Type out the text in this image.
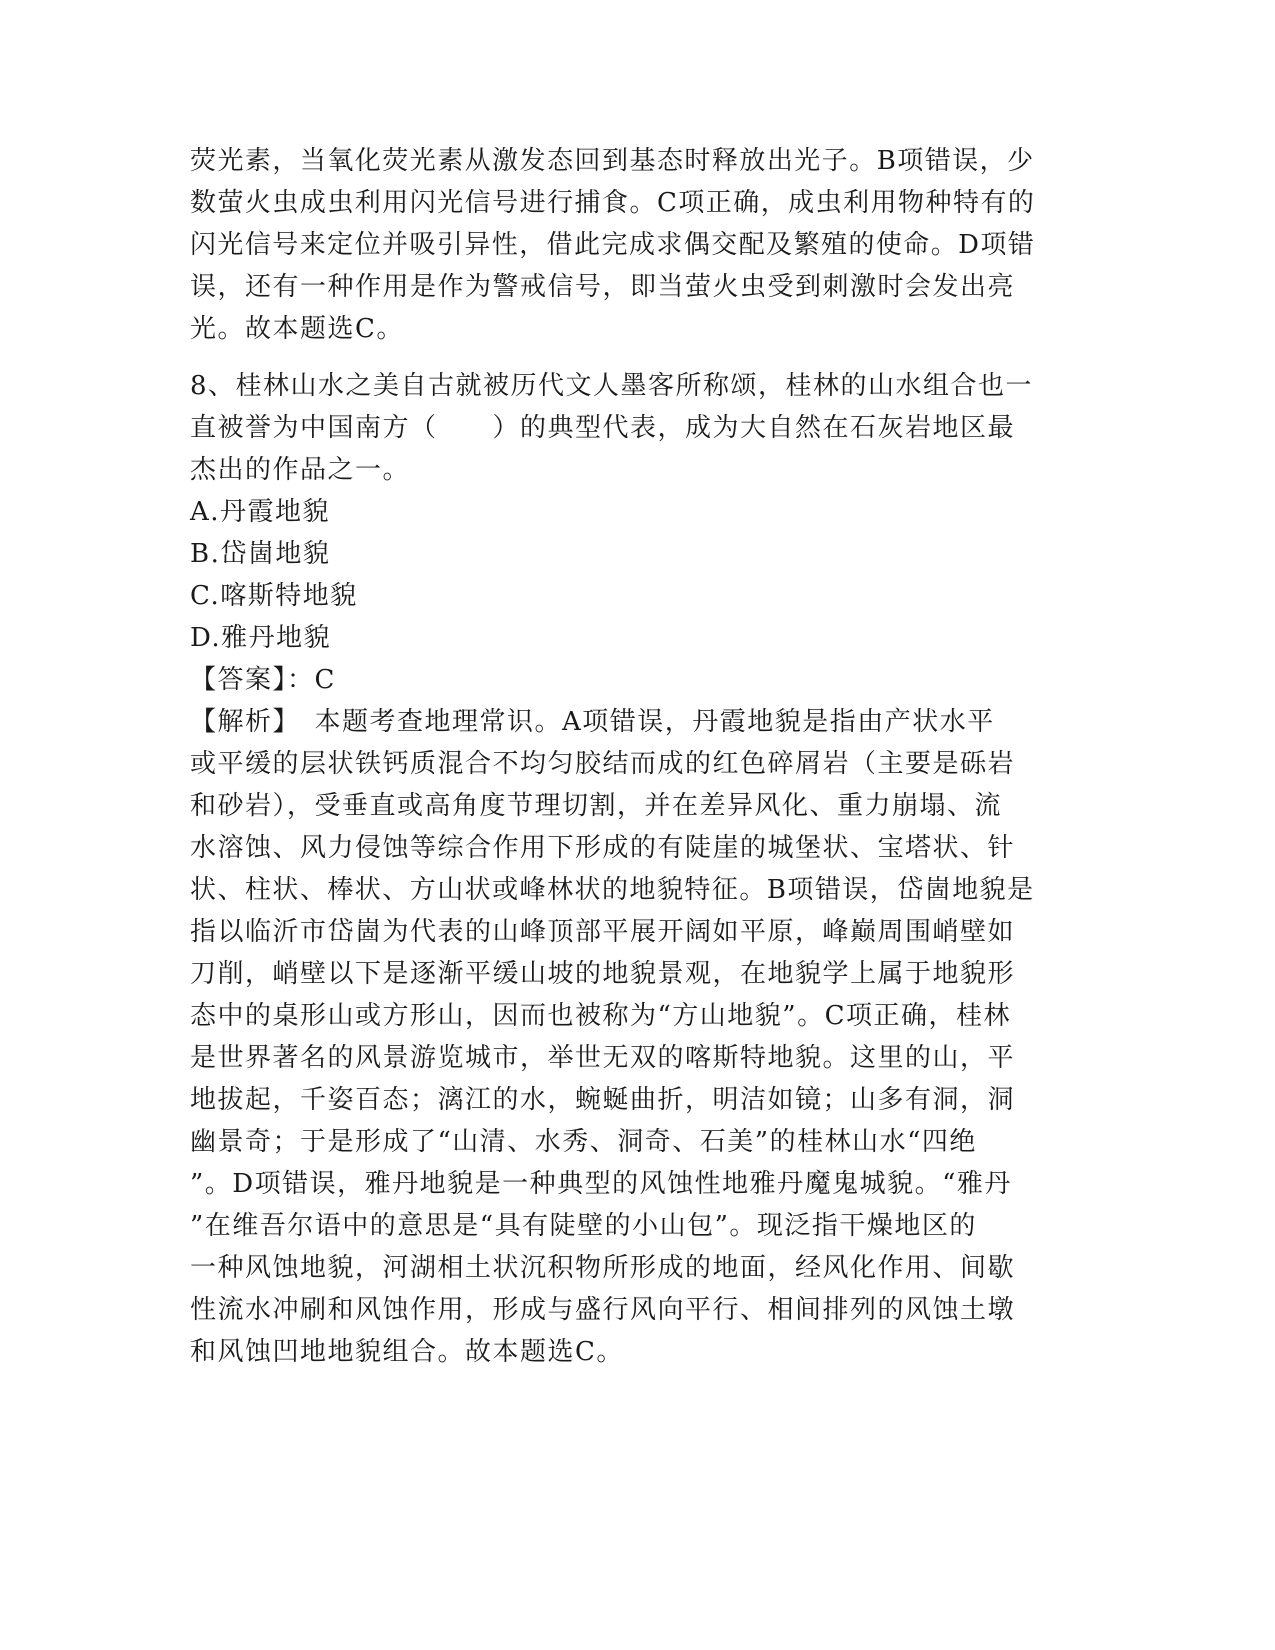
荧光素，当氧化荧光素从激发态回到基态时释放出光子。B项错误，少
数萤火虫成虫利用闪光信号进行捕食。C项正确，成虫利用物种特有的
闪光信号来定位并吸引异性，借此完成求偶交配及繁殖的使命。D项错
误，还有一种作用是作为警戒信号，即当萤火虫受到刺激时会发出亮
光。故本题选C。
8、桂林山水之美自古就被历代文人墨客所称颂，桂林的山水组合也一
直被誉为中国南方（　　）的典型代表，成为大自然在石灰岩地区最
杰出的作品之一。
A.丹霞地貌
B.岱崮地貌
C.喀斯特地貌
D.雅丹地貌
【答案】：C
【解析】　本题考查地理常识。A项错误，丹霞地貌是指由产状水平
或平缓的层状铁钙质混合不均匀胶结而成的红色碎屑岩（主要是砾岩
和砂岩），受垂直或高角度节理切割，并在差异风化、重力崩塌、流
水溶蚀、风力侵蚀等综合作用下形成的有陡崖的城堡状、宝塔状、针
状、柱状、棒状、方山状或峰林状的地貌特征。B项错误，岱崮地貌是
指以临沂市岱崮为代表的山峰顶部平展开阔如平原，峰巅周围峭壁如
刀削，峭壁以下是逐渐平缓山坡的地貌景观，在地貌学上属于地貌形
态中的桌形山或方形山，因而也被称为“方山地貌”。C项正确，桂林
是世界著名的风景游览城市，举世无双的喀斯特地貌。这里的山，平
地拔起，千姿百态；漓江的水，蜿蜒曲折，明洁如镜；山多有洞，洞
幽景奇；于是形成了“山清、水秀、洞奇、石美”的桂林山水“四绝
”。D项错误，雅丹地貌是一种典型的风蚀性地雅丹魔鬼城貌。“雅丹
”在维吾尔语中的意思是“具有陡壁的小山包”。现泛指干燥地区的
一种风蚀地貌，河湖相土状沉积物所形成的地面，经风化作用、间歇
性流水冲刷和风蚀作用，形成与盛行风向平行、相间排列的风蚀土墩
和风蚀凹地地貌组合。故本题选C。
